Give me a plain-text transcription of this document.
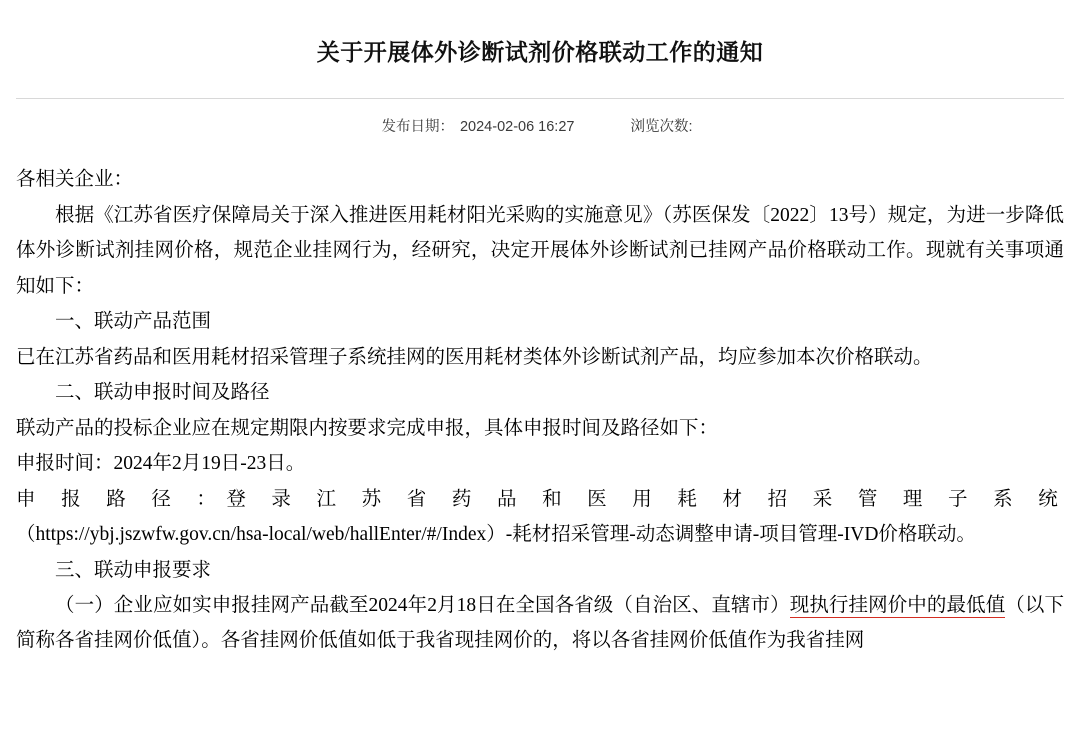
关于开展体外诊断试剂价格联动工作的通知
发布日期： 2024-02-06 16:27	浏览次数:

各相关企业：

根据《江苏省医疗保障局关于深入推进医用耗材阳光采购的实施意见》（苏医保发〔2022〕13号）规定，为进一步降低体外诊断试剂挂网价格，规范企业挂网行为，经研究，决定开展体外诊断试剂已挂网产品价格联动工作。现就有关事项通知如下：

一、联动产品范围

已在江苏省药品和医用耗材招采管理子系统挂网的医用耗材类体外诊断试剂产品，均应参加本次价格联动。

二、联动申报时间及路径

联动产品的投标企业应在规定期限内按要求完成申报，具体申报时间及路径如下：

申报时间：2024年2月19日-23日。

申 报 路 径 ：登 录 江 苏 省 药 品 和 医 用 耗 材 招 采 管 理 子 系 统（https://ybj.jszwfw.gov.cn/hsa-local/web/hallEnter/#/Index）-耗材招采管理-动态调整申请-项目管理-IVD价格联动。

三、联动申报要求

（一）企业应如实申报挂网产品截至2024年2月18日在全国各省级（自治区、直辖市）现执行挂网价中的最低值（以下简称各省挂网价低值）。各省挂网价低值如低于我省现挂网价的，将以各省挂网价低值作为我省挂网
